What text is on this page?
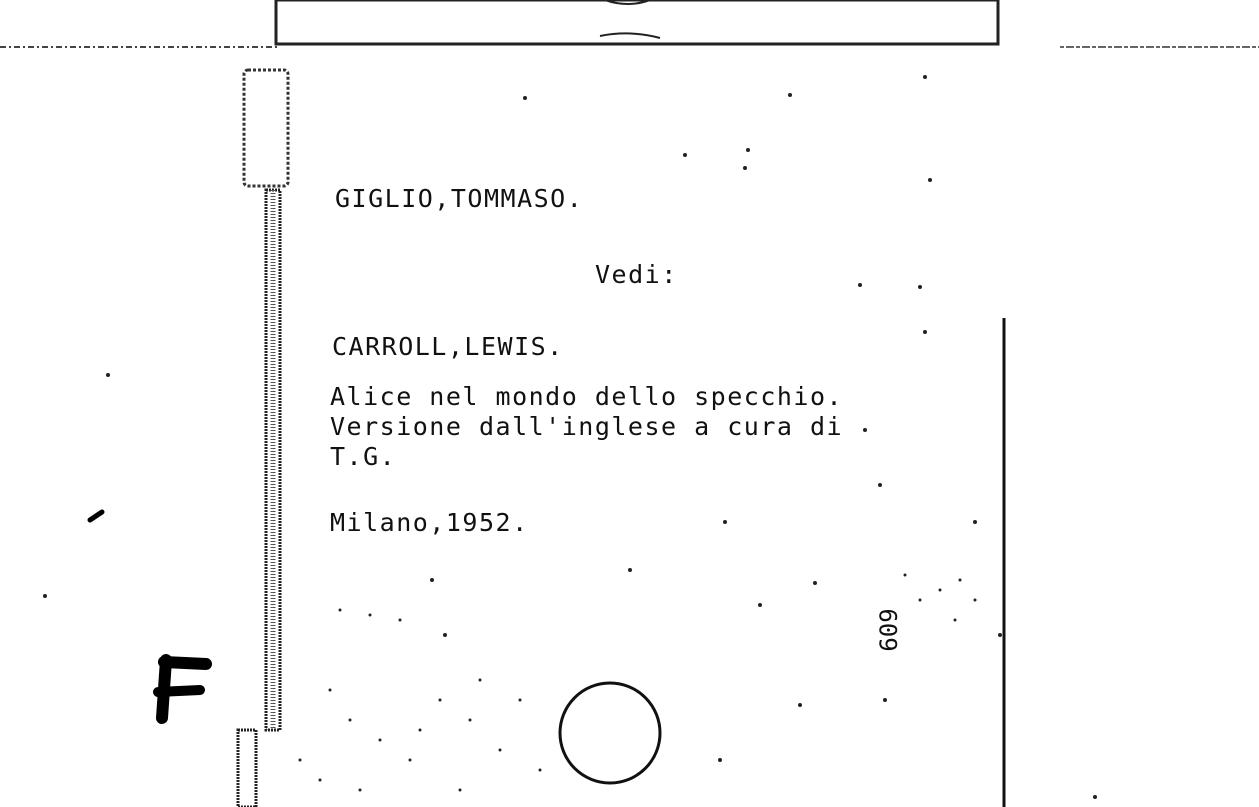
GIGLIO,TOMMASO.

Vedi:

CARROLL,LEWIS.

Alice nel mondo dello specchio.

Versione dall'inglese a cura di

T.G.

Milano,1952.

609
